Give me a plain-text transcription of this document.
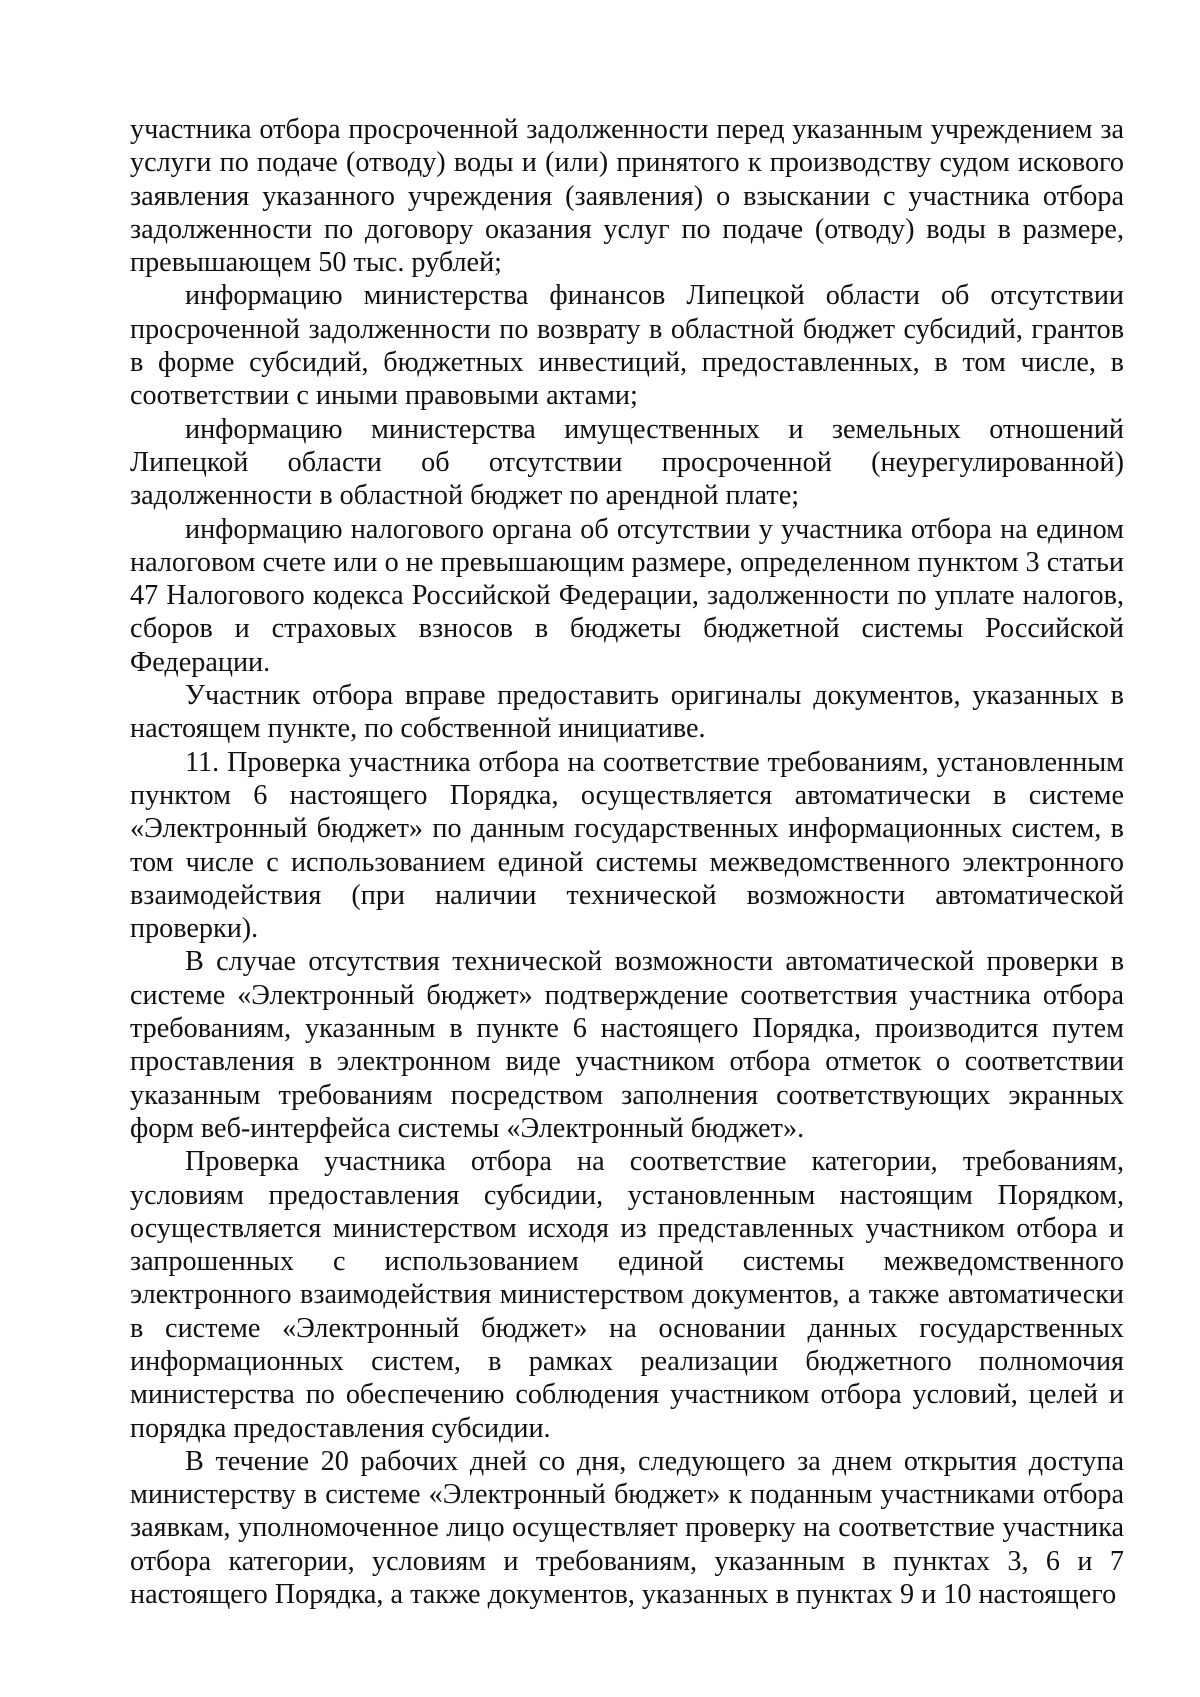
участника отбора просроченной задолженности перед указанным учреждением за услуги по подаче (отводу) воды и (или) принятого к производству судом искового заявления указанного учреждения (заявления) о взыскании с участника отбора задолженности по договору оказания услуг по подаче (отводу) воды в размере, превышающем 50 тыс. рублей;

информацию министерства финансов Липецкой области об отсутствии просроченной задолженности по возврату в областной бюджет субсидий, грантов в форме субсидий, бюджетных инвестиций, предоставленных, в том числе, в соответствии с иными правовыми актами;

информацию министерства имущественных и земельных отношений Липецкой области об отсутствии просроченной (неурегулированной) задолженности в областной бюджет по арендной плате;

информацию налогового органа об отсутствии у участника отбора на едином налоговом счете или о не превышающим размере, определенном пунктом 3 статьи 47 Налогового кодекса Российской Федерации, задолженности по уплате налогов, сборов и страховых взносов в бюджеты бюджетной системы Российской Федерации.

Участник отбора вправе предоставить оригиналы документов, указанных в настоящем пункте, по собственной инициативе.

11. Проверка участника отбора на соответствие требованиям, установленным пунктом 6 настоящего Порядка, осуществляется автоматически в системе «Электронный бюджет» по данным государственных информационных систем, в том числе с использованием единой системы межведомственного электронного взаимодействия (при наличии технической возможности автоматической проверки).

В случае отсутствия технической возможности автоматической проверки в системе «Электронный бюджет» подтверждение соответствия участника отбора требованиям, указанным в пункте 6 настоящего Порядка, производится путем проставления в электронном виде участником отбора отметок о соответствии указанным требованиям посредством заполнения соответствующих экранных форм веб-интерфейса системы «Электронный бюджет».

Проверка участника отбора на соответствие категории, требованиям, условиям предоставления субсидии, установленным настоящим Порядком, осуществляется министерством исходя из представленных участником отбора и запрошенных с использованием единой системы межведомственного электронного взаимодействия министерством документов, а также автоматически в системе «Электронный бюджет» на основании данных государственных информационных систем, в рамках реализации бюджетного полномочия министерства по обеспечению соблюдения участником отбора условий, целей и порядка предоставления субсидии.

В течение 20 рабочих дней со дня, следующего за днем открытия доступа министерству в системе «Электронный бюджет» к поданным участниками отбора заявкам, уполномоченное лицо осуществляет проверку на соответствие участника отбора категории, условиям и требованиям, указанным в пунктах 3, 6 и 7 настоящего Порядка, а также документов, указанных в пунктах 9 и 10 настоящего
